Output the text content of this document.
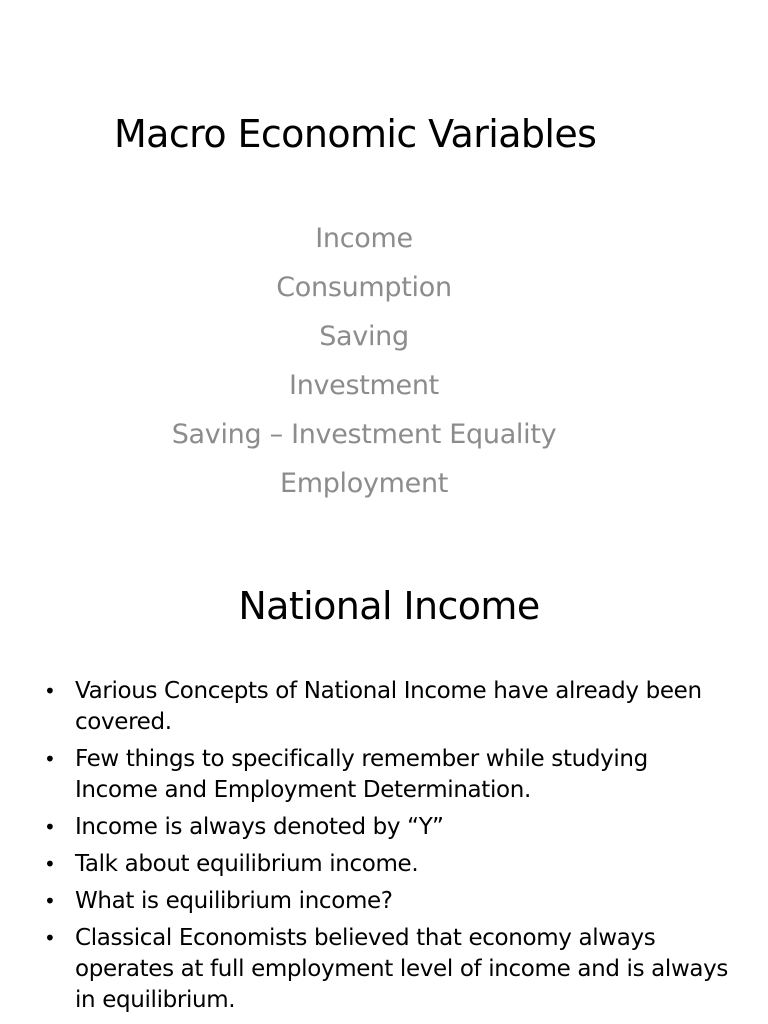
Macro Economic Variables
Income
Consumption
Saving
Investment
Saving – Investment Equality
Employment
National Income
• Various Concepts of National Income have already been covered.
• Few things to specifically remember while studying Income and Employment Determination.
• Income is always denoted by “Y”
• Talk about equilibrium income.
• What is equilibrium income?
• Classical Economists believed that economy always operates at full employment level of income and is always in equilibrium.
